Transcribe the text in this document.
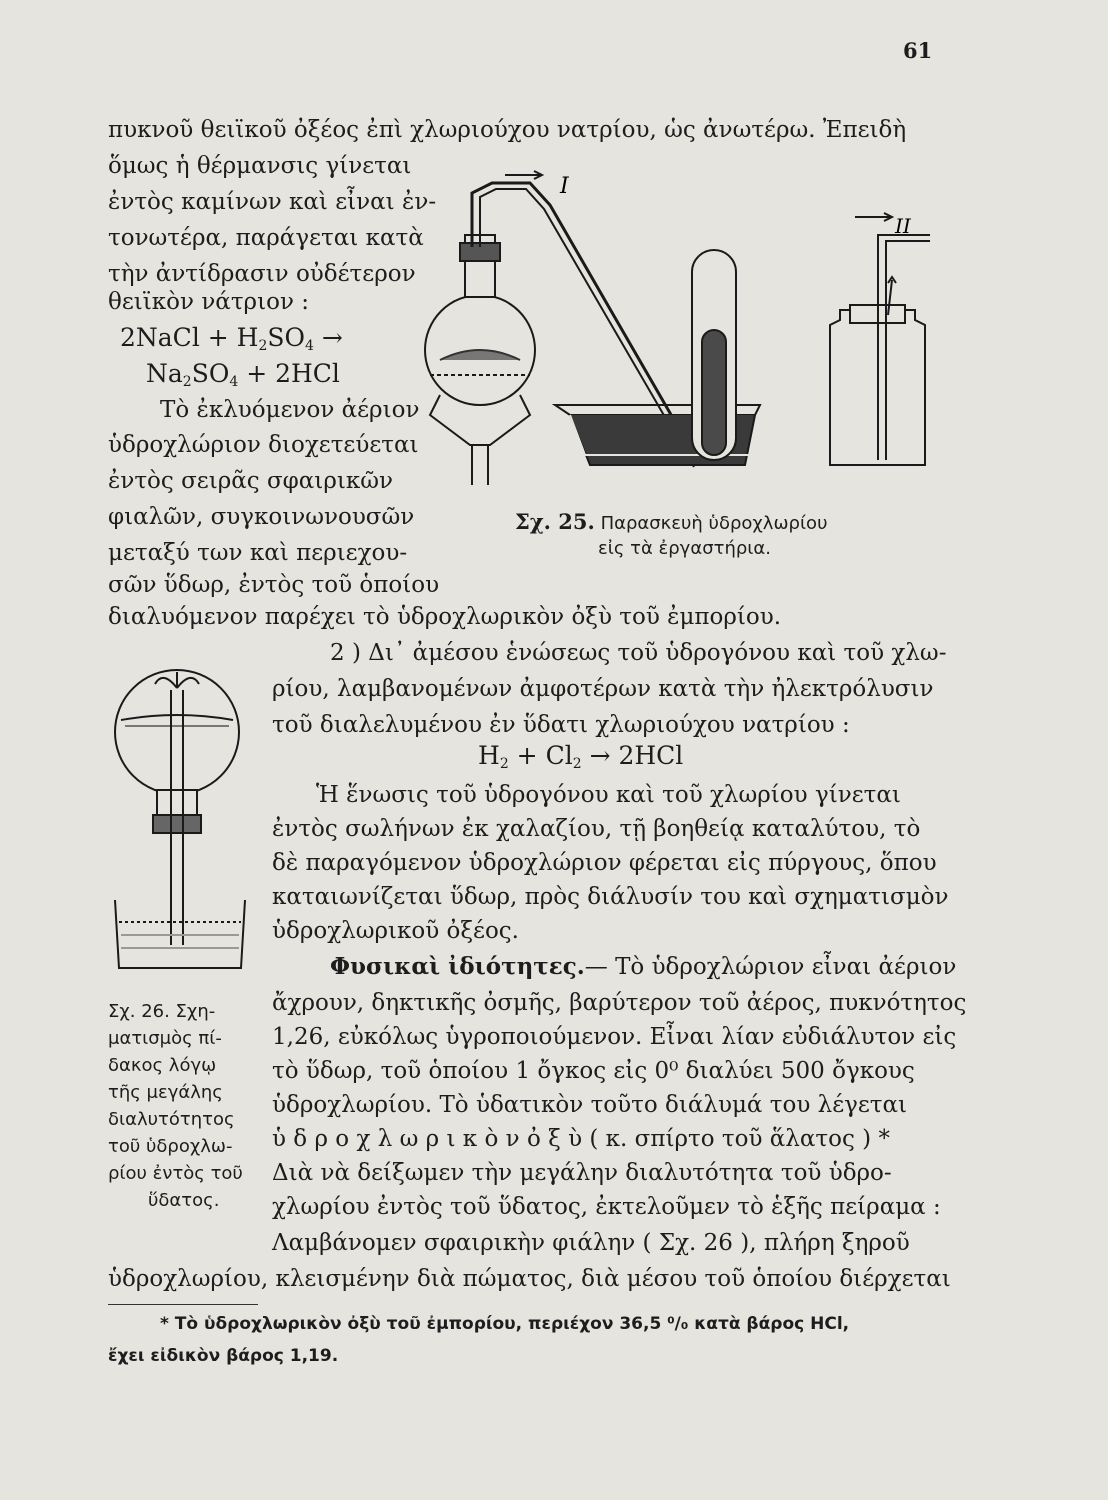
61
πυκνοῦ θειϊκοῦ ὀξέος ἐπὶ χλωριούχου νατρίου, ὡς ἀνωτέρω. Ἐπειδὴ
ὅμως ἡ θέρμανσις γίνεται
ἐντὸς καμίνων καὶ εἶναι ἐν-
τονωτέρα, παράγεται κατὰ
τὴν ἀντίδρασιν οὐδέτερον
θειϊκὸν νάτριον :
2NaCl + $H_2SO_4$ →
$Na_2SO_4 + 2HCl$
Τὸ ἐκλυόμενον ἀέριον
ὑδροχλώριον διοχετεύεται
ἐντὸς σειρᾶς σφαιρικῶν
φιαλῶν, συγκοινωνουσῶν
μεταξύ των καὶ περιεχου-
σῶν ὕδωρ, ἐντὸς τοῦ ὁποίου
διαλυόμενον παρέχει τὸ ὑδροχλωρικὸν ὀξὺ τοῦ ἐμπορίου.
I
II
Σχ. 25. Παρασκευὴ ὑδροχλωρίου
εἰς τὰ ἐργαστήρια.
2 ) Δι᾽ ἀμέσου ἑνώσεως τοῦ ὑδρογόνου καὶ τοῦ χλω-
ρίου, λαμβανομένων ἀμφοτέρων κατὰ τὴν ἠλεκτρόλυσιν
τοῦ διαλελυμένου ἐν ὕδατι χλωριούχου νατρίου :
$H_2 + Cl_2 \to 2HCl$
Ἡ ἕνωσις τοῦ ὑδρογόνου καὶ τοῦ χλωρίου γίνεται
ἐντὸς σωλήνων ἐκ χαλαζίου, τῇ βοηθείᾳ καταλύτου, τὸ
δὲ παραγόμενον ὑδροχλώριον φέρεται εἰς πύργους, ὅπου
καταιωνίζεται ὕδωρ, πρὸς διάλυσίν του καὶ σχηματισμὸν
ὑδροχλωρικοῦ ὀξέος.
Φυσικαὶ ἰδιότητες.— Τὸ ὑδροχλώριον εἶναι ἀέριον
ἄχρουν, δηκτικῆς ὀσμῆς, βαρύτερον τοῦ ἀέρος, πυκνότητος
1,26, εὐκόλως ὑγροποιούμενον. Εἶναι λίαν εὐδιάλυτον εἰς
τὸ ὕδωρ, τοῦ ὁποίου 1 ὄγκος εἰς 0⁰ διαλύει 500 ὄγκους
ὑδροχλωρίου. Τὸ ὑδατικὸν τοῦτο διάλυμά του λέγεται
ὑ δ ρ ο χ λ ω ρ ι κ ὸ ν ὀ ξ ὺ ( κ. σπίρτο τοῦ ἅλατος ) *
Διὰ νὰ δείξωμεν τὴν μεγάλην διαλυτότητα τοῦ ὑδρο-
χλωρίου ἐντὸς τοῦ ὕδατος, ἐκτελοῦμεν τὸ ἑξῆς πείραμα :
Λαμβάνομεν σφαιρικὴν φιάλην ( Σχ. 26 ), πλήρη ξηροῦ
ὑδροχλωρίου, κλεισμένην διὰ πώματος, διὰ μέσου τοῦ ὁποίου διέρχεται
Σχ. 26. Σχη-
ματισμὸς πί-
δακος λόγῳ
τῆς μεγάλης
διαλυτότητος
τοῦ ὑδροχλω-
ρίου ἐντὸς τοῦ
ὕδατος.
* Τὸ ὑδροχλωρικὸν ὀξὺ τοῦ ἐμπορίου, περιέχον 36,5 ⁰/₀ κατὰ βάρος HCl,
ἔχει εἰδικὸν βάρος 1,19.
